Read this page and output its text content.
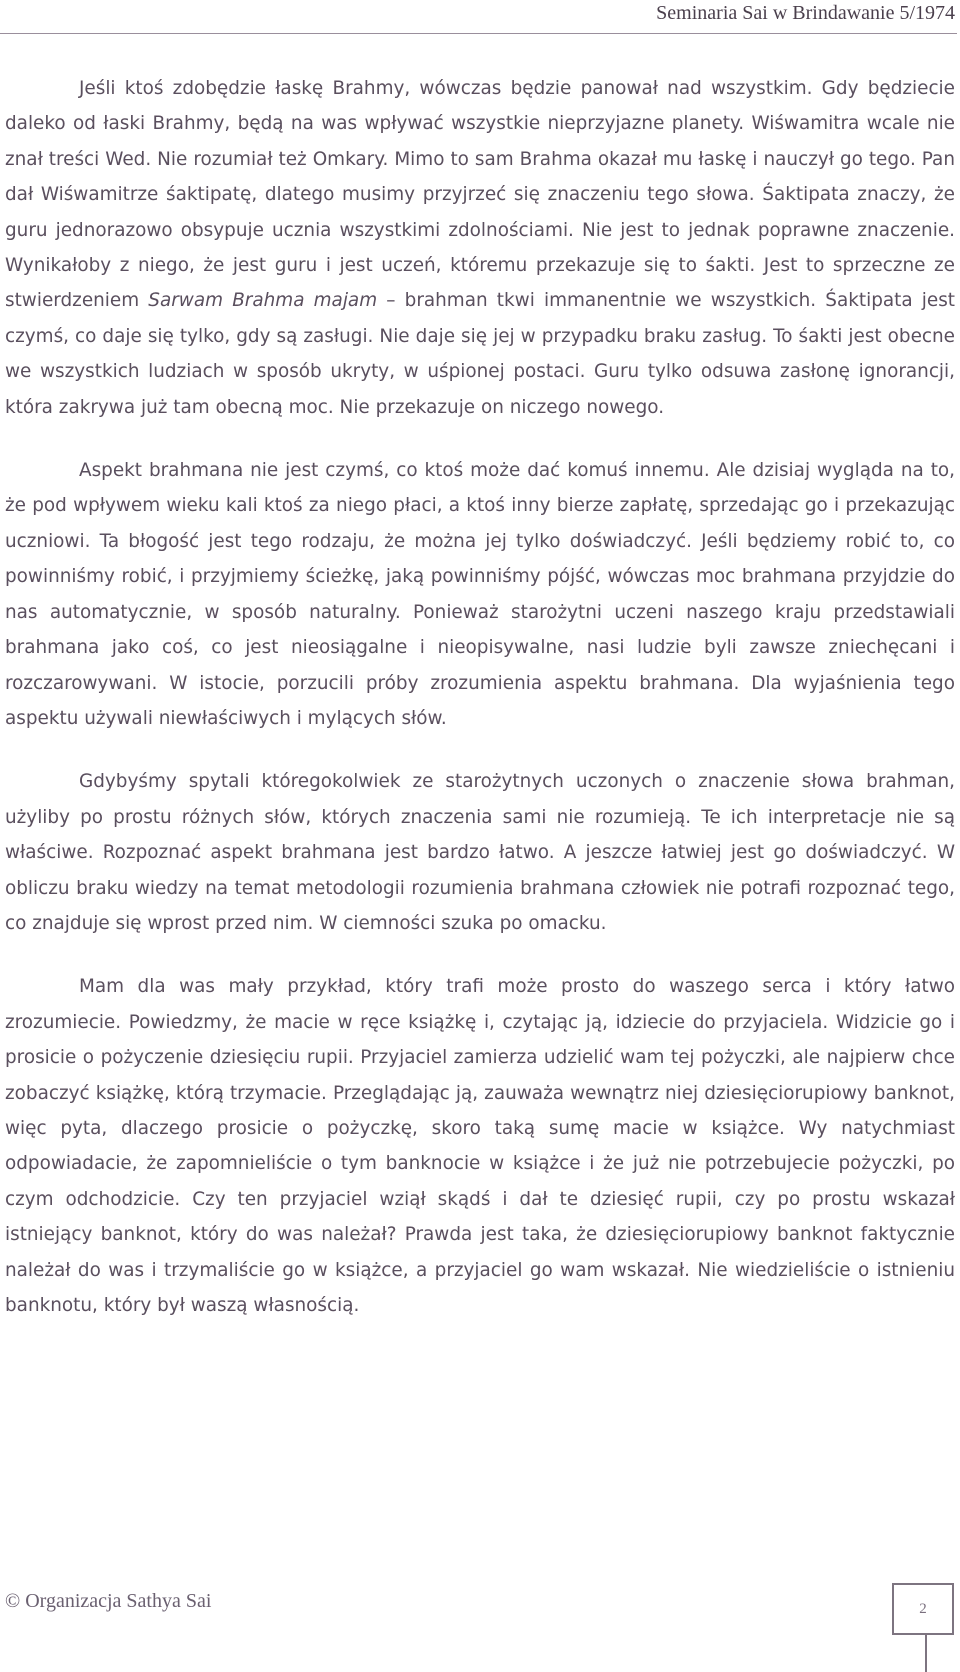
Seminaria Sai w Brindawanie 5/1974

Jeśli ktoś zdobędzie łaskę Brahmy, wówczas będzie panował nad wszystkim. Gdy będziecie daleko od łaski Brahmy, będą na was wpływać wszystkie nieprzyjazne planety. Wiśwamitra wcale nie znał treści Wed. Nie rozumiał też Omkary. Mimo to sam Brahma okazał mu łaskę i nauczył go tego. Pan dał Wiśwamitrze śaktipatę, dlatego musimy przyjrzeć się znaczeniu tego słowa. Śaktipata znaczy, że guru jednorazowo obsypuje ucznia wszystkimi zdolnościami. Nie jest to jednak poprawne znaczenie. Wynikałoby z niego, że jest guru i jest uczeń, któremu przekazuje się to śakti. Jest to sprzeczne ze stwierdzeniem Sarwam Brahma majam – brahman tkwi immanentnie we wszystkich. Śaktipata jest czymś, co daje się tylko, gdy są zasługi. Nie daje się jej w przypadku braku zasług. To śakti jest obecne we wszystkich ludziach w sposób ukryty, w uśpionej postaci. Guru tylko odsuwa zasłonę ignorancji, która zakrywa już tam obecną moc. Nie przekazuje on niczego nowego.

Aspekt brahmana nie jest czymś, co ktoś może dać komuś innemu. Ale dzisiaj wygląda na to, że pod wpływem wieku kali ktoś za niego płaci, a ktoś inny bierze zapłatę, sprzedając go i przekazując uczniowi. Ta błogość jest tego rodzaju, że można jej tylko doświadczyć. Jeśli będziemy robić to, co powinniśmy robić, i przyjmiemy ścieżkę, jaką powinniśmy pójść, wówczas moc brahmana przyjdzie do nas automatycznie, w sposób naturalny. Ponieważ starożytni uczeni naszego kraju przedstawiali brahmana jako coś, co jest nieosiągalne i nieopisywalne, nasi ludzie byli zawsze zniechęcani i rozczarowywani. W istocie, porzucili próby zrozumienia aspektu brahmana. Dla wyjaśnienia tego aspektu używali niewłaściwych i mylących słów.

Gdybyśmy spytali któregokolwiek ze starożytnych uczonych o znaczenie słowa brahman, użyliby po prostu różnych słów, których znaczenia sami nie rozumieją. Te ich interpretacje nie są właściwe. Rozpoznać aspekt brahmana jest bardzo łatwo. A jeszcze łatwiej jest go doświadczyć. W obliczu braku wiedzy na temat metodologii rozumienia brahmana człowiek nie potrafi rozpoznać tego, co znajduje się wprost przed nim. W ciemności szuka po omacku.

Mam dla was mały przykład, który trafi może prosto do waszego serca i który łatwo zrozumiecie. Powiedzmy, że macie w ręce książkę i, czytając ją, idziecie do przyjaciela. Widzicie go i prosicie o pożyczenie dziesięciu rupii. Przyjaciel zamierza udzielić wam tej pożyczki, ale najpierw chce zobaczyć książkę, którą trzymacie. Przeglądając ją, zauważa wewnątrz niej dziesięciorupiowy banknot, więc pyta, dlaczego prosicie o pożyczkę, skoro taką sumę macie w książce. Wy natychmiast odpowiadacie, że zapomnieliście o tym banknocie w książce i że już nie potrzebujecie pożyczki, po czym odchodzicie. Czy ten przyjaciel wziął skądś i dał te dziesięć rupii, czy po prostu wskazał istniejący banknot, który do was należał? Prawda jest taka, że dziesięciorupiowy banknot faktycznie należał do was i trzymaliście go w książce, a przyjaciel go wam wskazał. Nie wiedzieliście o istnieniu banknotu, który był waszą własnością.

© Organizacja Sathya Sai	2
